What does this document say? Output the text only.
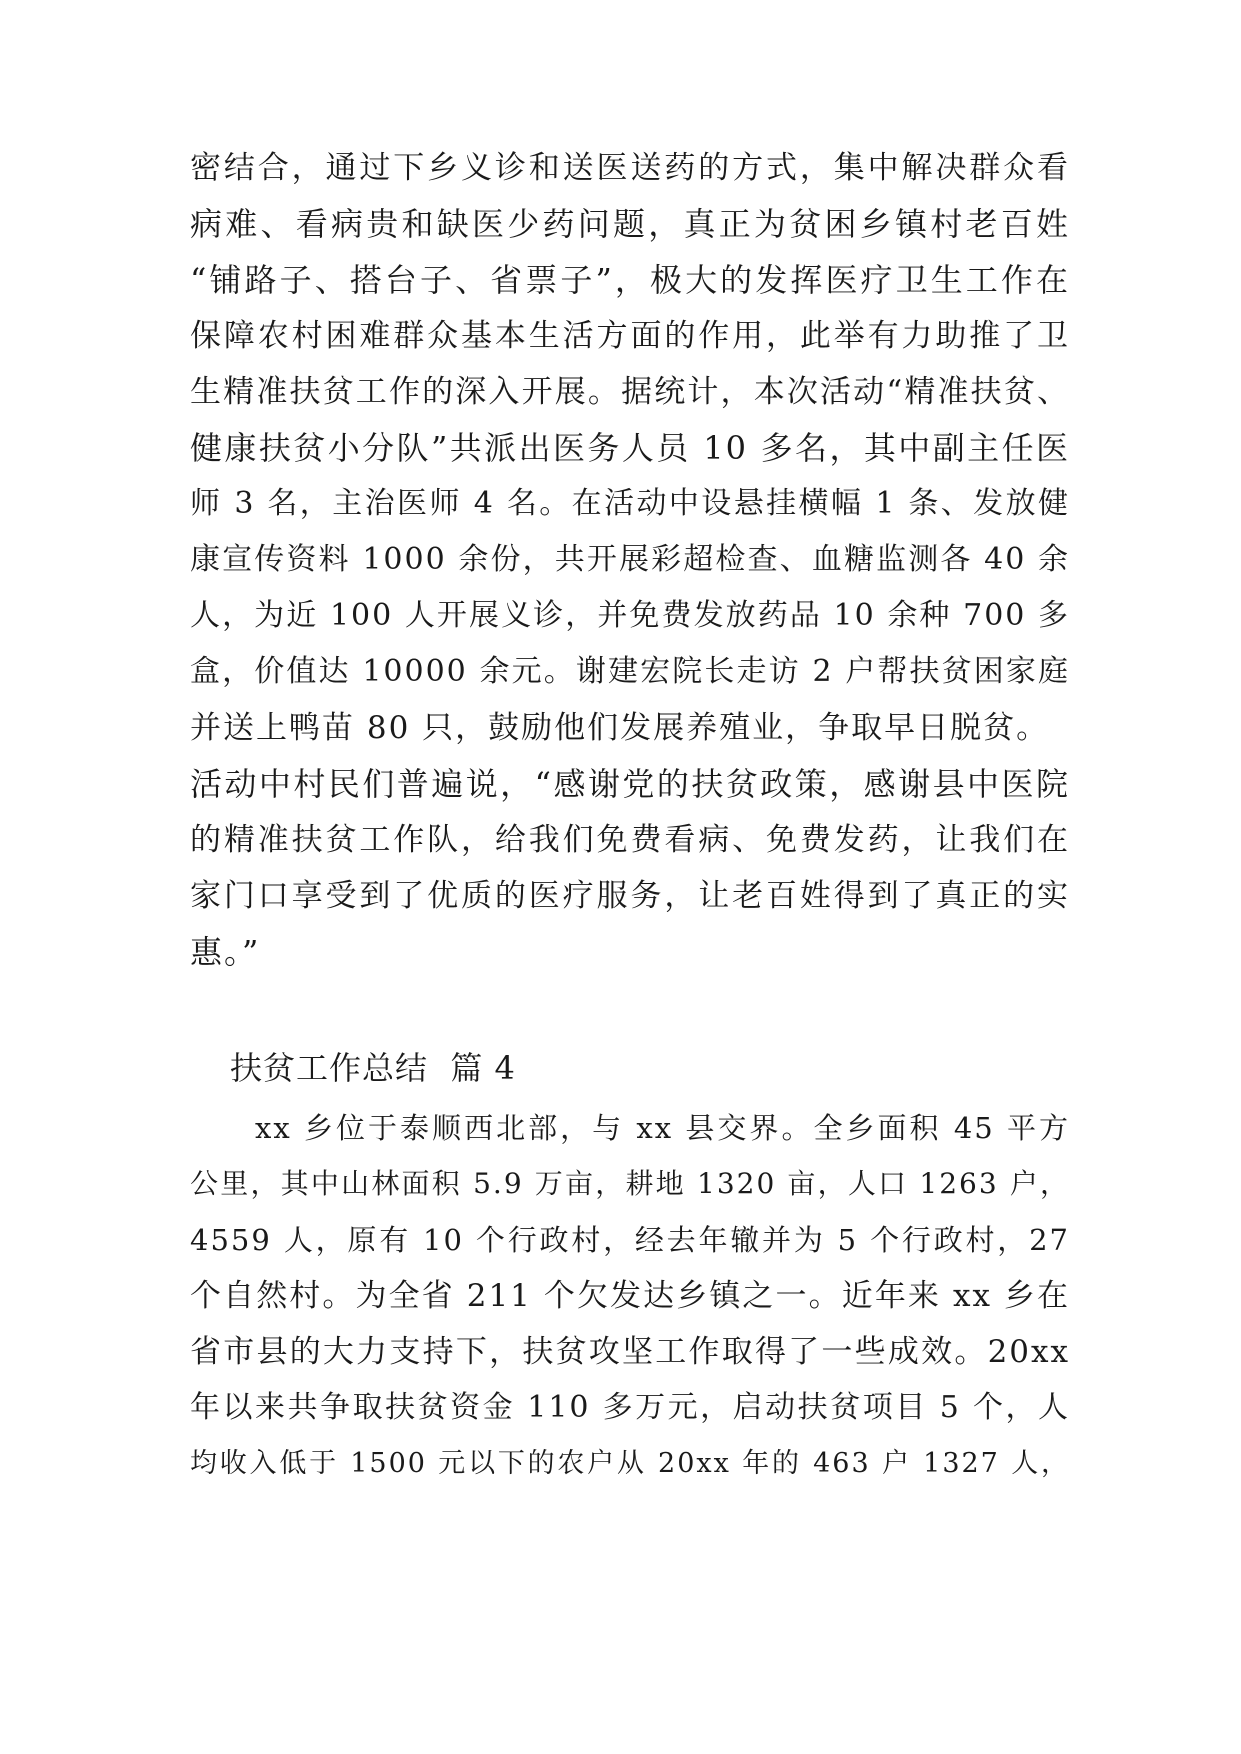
密结合，通过下乡义诊和送医送药的方式，集中解决群众看
病难、看病贵和缺医少药问题，真正为贫困乡镇村老百姓
“铺路子、搭台子、省票子”，极大的发挥医疗卫生工作在
保障农村困难群众基本生活方面的作用，此举有力助推了卫
生精准扶贫工作的深入开展。据统计，本次活动“精准扶贫、
健康扶贫小分队”共派出医务人员 10 多名，其中副主任医
师 3 名，主治医师 4 名。在活动中设悬挂横幅 1 条、发放健
康宣传资料 1000 余份，共开展彩超检查、血糖监测各 40 余
人，为近 100 人开展义诊，并免费发放药品 10 余种 700 多
盒，价值达 10000 余元。谢建宏院长走访 2 户帮扶贫困家庭
并送上鸭苗 80 只，鼓励他们发展养殖业，争取早日脱贫。
活动中村民们普遍说，“感谢党的扶贫政策，感谢县中医院
的精准扶贫工作队，给我们免费看病、免费发药，让我们在
家门口享受到了优质的医疗服务，让老百姓得到了真正的实
惠。”
扶贫工作总结  篇 4
xx 乡位于泰顺西北部，与 xx 县交界。全乡面积 45 平方
公里，其中山林面积 5.9 万亩，耕地 1320 亩，人口 1263 户，
4559 人，原有 10 个行政村，经去年辙并为 5 个行政村，27
个自然村。为全省 211 个欠发达乡镇之一。近年来 xx 乡在
省市县的大力支持下，扶贫攻坚工作取得了一些成效。20xx
年以来共争取扶贫资金 110 多万元，启动扶贫项目 5 个，人
均收入低于 1500 元以下的农户从 20xx 年的 463 户 1327 人，
